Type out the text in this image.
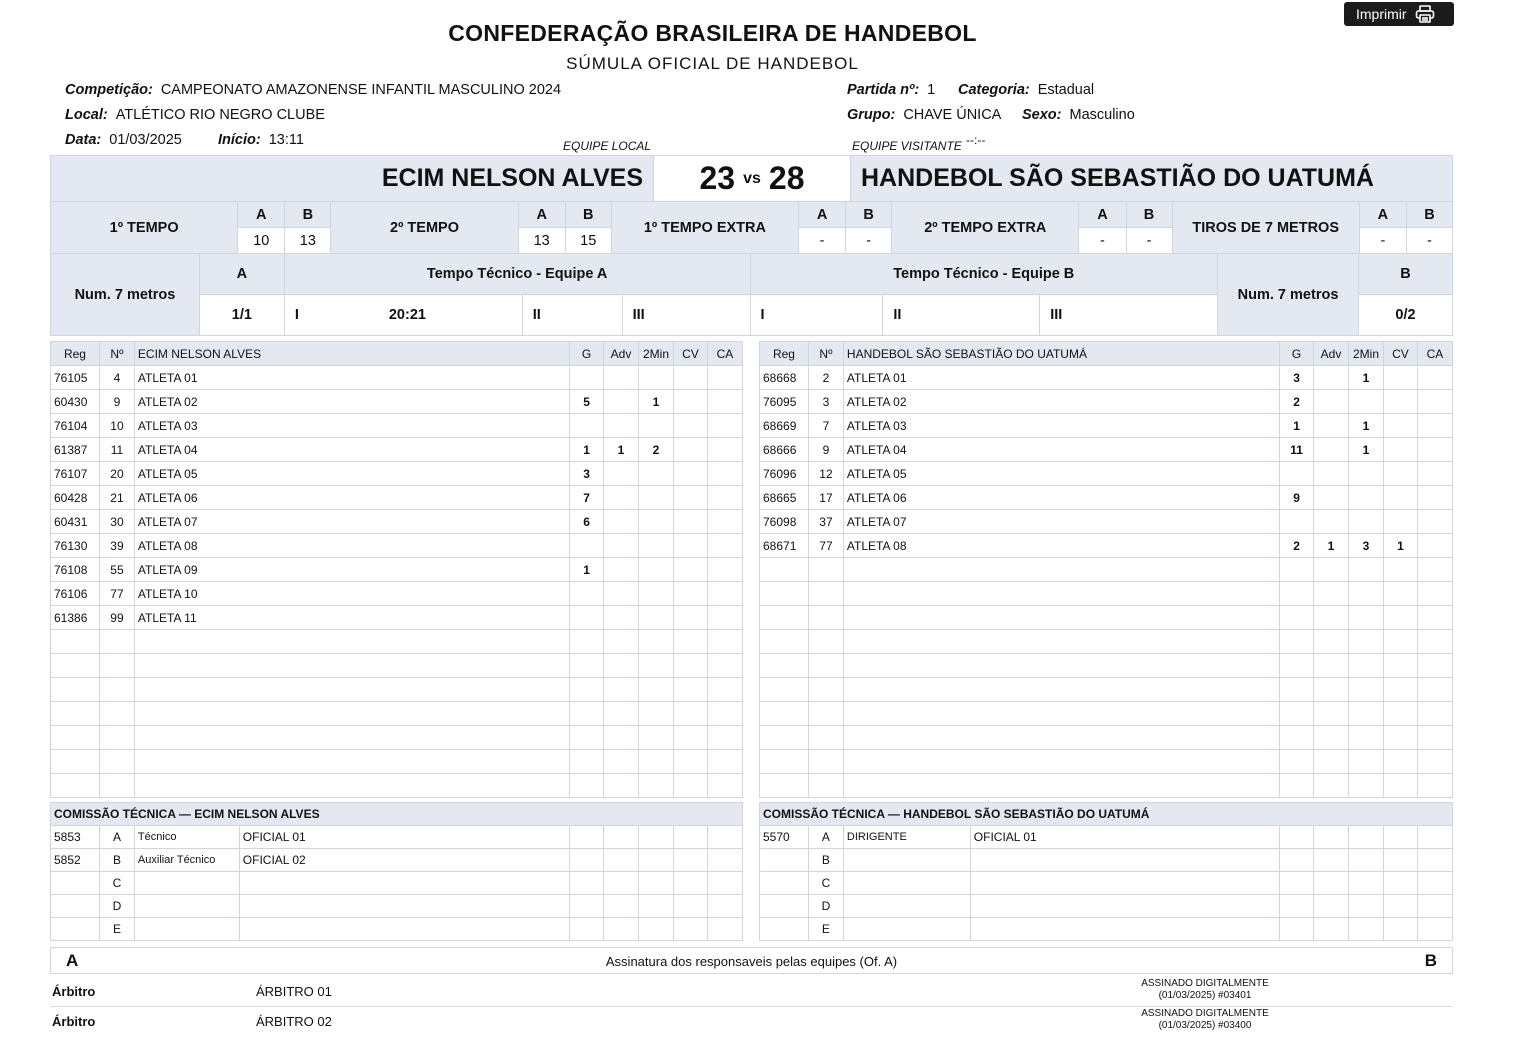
Imprimir
CONFEDERAÇÃO BRASILEIRA DE HANDEBOL
SÚMULA OFICIAL DE HANDEBOL
Competição: CAMPEONATO AMAZONENSE INFANTIL MASCULINO 2024
Local: ATLÉTICO RIO NEGRO CLUBE
Data: 01/03/2025 Início: 13:11
Partida nº: 1 Categoria: Estadual
Grupo: CHAVE ÚNICA Sexo: Masculino
EQUIPE LOCAL	EQUIPE VISITANTE --:--
ECIM NELSON ALVES	23 vs 28 HANDEBOL SÃO SEBASTIÃO DO UATUMÁ
1º TEMPO	A	B	2º TEMPO	A	B	1º TEMPO EXTRA	A	B	2º TEMPO EXTRA	A	B	TIROS DE 7 METROS	A	B
	10	13		13	15		-	-		-	-		-	-
Num. 7 metros	A	Tempo Técnico - Equipe A			Tempo Técnico - Equipe B			Num. 7 metros	B
	1/1	I 20:21	II	III	I	II	III		0/2
Reg	Nº	ECIM NELSON ALVES	G	Adv	2Min	CV	CA
76105	4	ATLETA 01					
60430	9	ATLETA 02	5		1		
76104	10	ATLETA 03					
61387	11	ATLETA 04	1	1	2		
76107	20	ATLETA 05	3				
60428	21	ATLETA 06	7				
60431	30	ATLETA 07	6				
76130	39	ATLETA 08					
76108	55	ATLETA 09	1				
76106	77	ATLETA 10					
61386	99	ATLETA 11					

Reg	Nº	HANDEBOL SÃO SEBASTIÃO DO UATUMÁ	G	Adv	2Min	CV	CA
68668	2	ATLETA 01	3		1		
76095	3	ATLETA 02	2				
68669	7	ATLETA 03	1		1		
68666	9	ATLETA 04	11		1		
76096	12	ATLETA 05					
68665	17	ATLETA 06	9				
76098	37	ATLETA 07					
68671	77	ATLETA 08	2	1	3	1	

COMISSÃO TÉCNICA — ECIM NELSON ALVES								
5853	A	Técnico	OFICIAL 01					
5852	B	Auxiliar Técnico	OFICIAL 02					
	C							
	D							
	E							
COMISSÃO TÉCNICA — HANDEBOL SÃO SEBASTIÃO DO UATUMÁ								
5570	A	DIRIGENTE	OFICIAL 01					
	B							
	C							
	D							
	E							
A	Assinatura dos responsaveis pelas equipes (Of. A)	B
Árbitro	ÁRBITRO 01
ASSINADO DIGITALMENTE
(01/03/2025) #03401
Árbitro	ÁRBITRO 02
ASSINADO DIGITALMENTE
(01/03/2025) #03400
